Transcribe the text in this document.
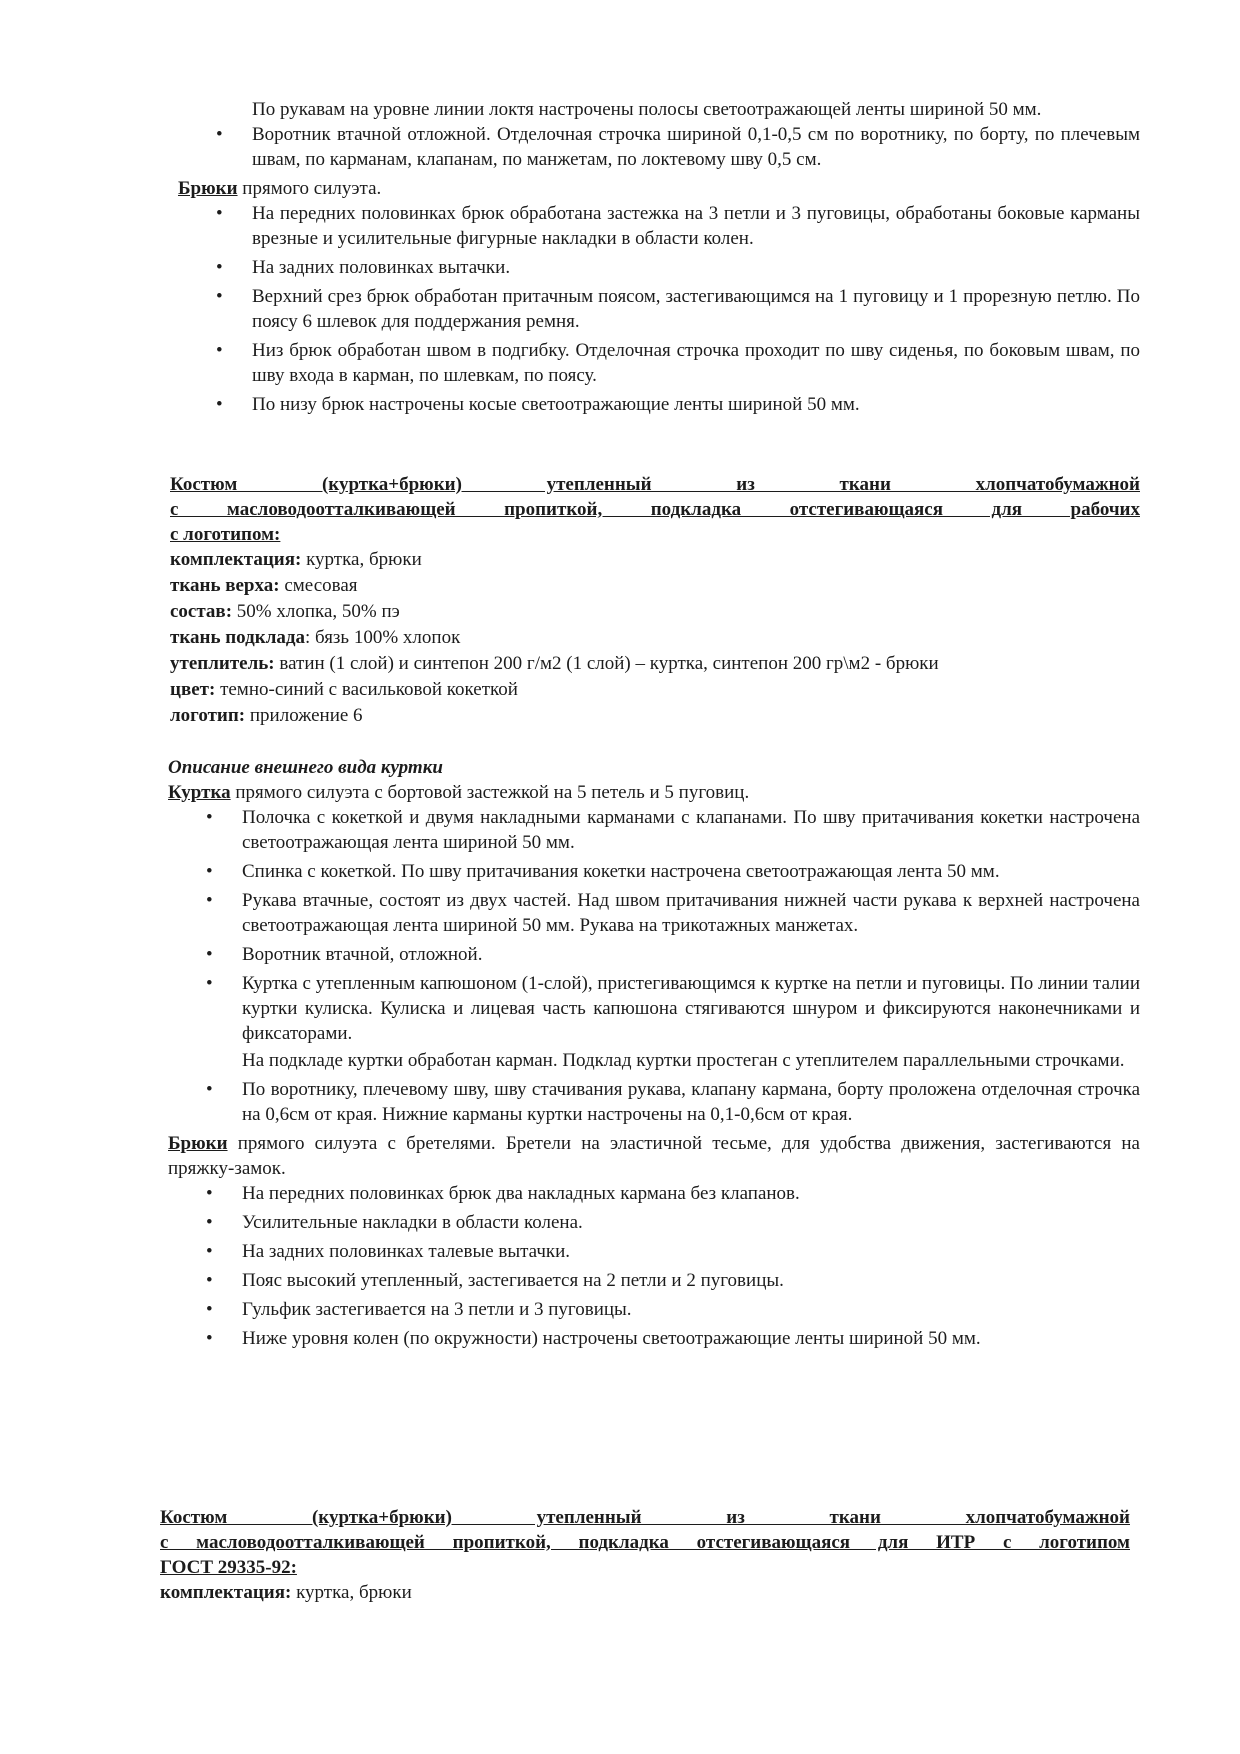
По рукавам на уровне линии локтя настрочены полосы светоотражающей ленты шириной 50 мм.

• Воротник втачной отложной. Отделочная строчка шириной 0,1-0,5 см по воротнику, по борту, по плечевым швам, по карманам, клапанам, по манжетам, по локтевому шву 0,5 см.

Брюки прямого силуэта.

• На передних половинках брюк обработана застежка на 3 петли и 3 пуговицы, обработаны боковые карманы врезные и усилительные фигурные накладки в области колен.
• На задних половинках вытачки.
• Верхний срез брюк обработан притачным поясом, застегивающимся на 1 пуговицу и 1 прорезную петлю. По поясу 6 шлевок для поддержания ремня.
• Низ брюк обработан швом в подгибку. Отделочная строчка проходит по шву сиденья, по боковым швам, по шву входа в карман, по шлевкам, по поясу.
• По низу брюк настрочены косые светоотражающие ленты шириной 50 мм.

Костюм (куртка+брюки) утепленный из ткани хлопчатобумажной

с масловодоотталкивающей пропиткой, подкладка отстегивающаяся для рабочих

с логотипом:

комплектация: куртка, брюки

ткань верха: смесовая

состав: 50% хлопка, 50% пэ

ткань подклада: бязь 100% хлопок

утеплитель: ватин (1 слой) и синтепон 200 г/м2 (1 слой) – куртка, синтепон 200 гр\м2 - брюки

цвет: темно-синий с васильковой кокеткой

логотип: приложение 6

Описание внешнего вида куртки

Куртка прямого силуэта с бортовой застежкой на 5 петель и 5 пуговиц.

• Полочка с кокеткой и двумя накладными карманами с клапанами. По шву притачивания кокетки настрочена светоотражающая лента шириной 50 мм.
• Спинка с кокеткой. По шву притачивания кокетки настрочена светоотражающая лента 50 мм.
• Рукава втачные, состоят из двух частей. Над швом притачивания нижней части рукава к верхней настрочена светоотражающая лента шириной 50 мм. Рукава на трикотажных манжетах.
• Воротник втачной, отложной.
• Куртка с утепленным капюшоном (1-слой), пристегивающимся к куртке на петли и пуговицы. По линии талии куртки кулиска. Кулиска и лицевая часть капюшона стягиваются шнуром и фиксируются наконечниками и фиксаторами.

На подкладе куртки обработан карман. Подклад куртки простеган с утеплителем параллельными строчками.

• По воротнику, плечевому шву, шву стачивания рукава, клапану кармана, борту проложена отделочная строчка на 0,6см от края. Нижние карманы куртки настрочены на 0,1-0,6см от края.

Брюки прямого силуэта с бретелями. Бретели на эластичной тесьме, для удобства движения, застегиваются на пряжку-замок.

• На передних половинках брюк два накладных кармана без клапанов.
• Усилительные накладки в области колена.
• На задних половинках талевые вытачки.
• Пояс высокий утепленный, застегивается на 2 петли и 2 пуговицы.
• Гульфик застегивается на 3 петли и 3 пуговицы.
• Ниже уровня колен (по окружности) настрочены светоотражающие ленты шириной 50 мм.

Костюм (куртка+брюки) утепленный из ткани хлопчатобумажной

с масловодоотталкивающей пропиткой, подкладка отстегивающаяся для ИТР с логотипом

ГОСТ 29335-92:

комплектация: куртка, брюки
